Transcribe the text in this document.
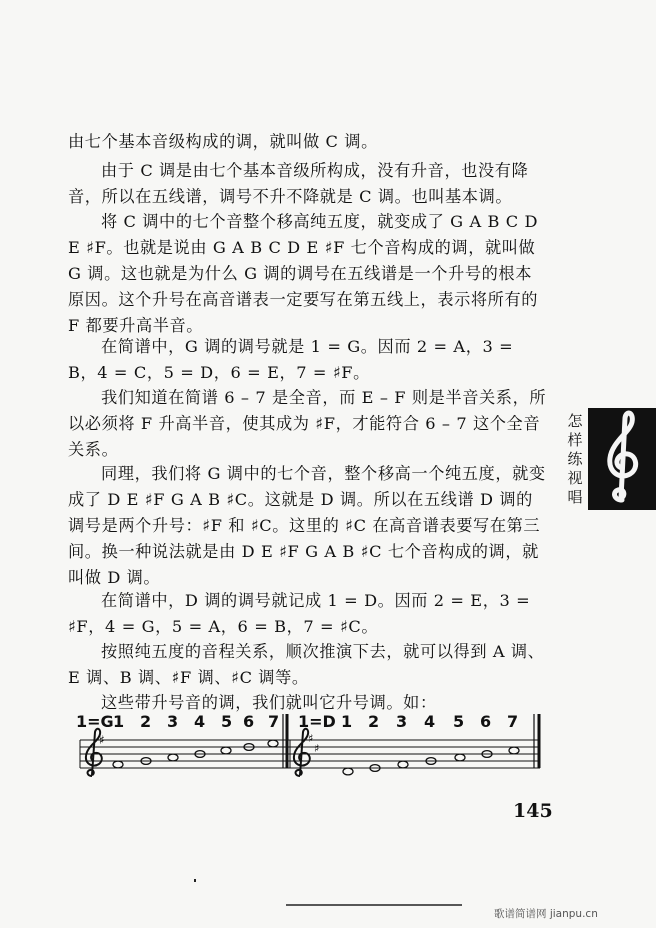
由七个基本音级构成的调，就叫做 C 调。
由于 C 调是由七个基本音级所构成，没有升音，也没有降音，所以在五线谱，调号不升不降就是 C 调。也叫基本调。
将 C 调中的七个音整个移高纯五度，就变成了 G A B C D E ♯F。也就是说由 G A B C D E ♯F 七个音构成的调，就叫做 G 调。这也就是为什么 G 调的调号在五线谱是一个升号的根本原因。这个升号在高音谱表一定要写在第五线上，表示将所有的 F 都要升高半音。
在简谱中，G 调的调号就是 1 = G。因而 2 = A，3 = B，4 = C，5 = D，6 = E，7 = ♯F。
我们知道在简谱 6 – 7 是全音，而 E – F 则是半音关系，所以必须将 F 升高半音，使其成为 ♯F，才能符合 6 – 7 这个全音关系。
同理，我们将 G 调中的七个音，整个移高一个纯五度，就变成了 D E ♯F G A B ♯C。这就是 D 调。所以在五线谱 D 调的调号是两个升号：♯F 和 ♯C。这里的 ♯C 在高音谱表要写在第三间。换一种说法就是由 D E ♯F G A B ♯C 七个音构成的调，就叫做 D 调。
在简谱中，D 调的调号就记成 1 = D。因而 2 = E，3 = ♯F，4 = G，5 = A，6 = B，7 = ♯C。
按照纯五度的音程关系，顺次推演下去，就可以得到 A 调、E 调、B 调、♯F 调、♯C 调等。
这些带升号音的调，我们就叫它升号调。如：
怎样练视唱
1=G 1 2 3 4 5 6 7 1=D 1 2 3 4 5 6 7
♯	♯
♯
145
歌谱简谱网 jianpu.cn
